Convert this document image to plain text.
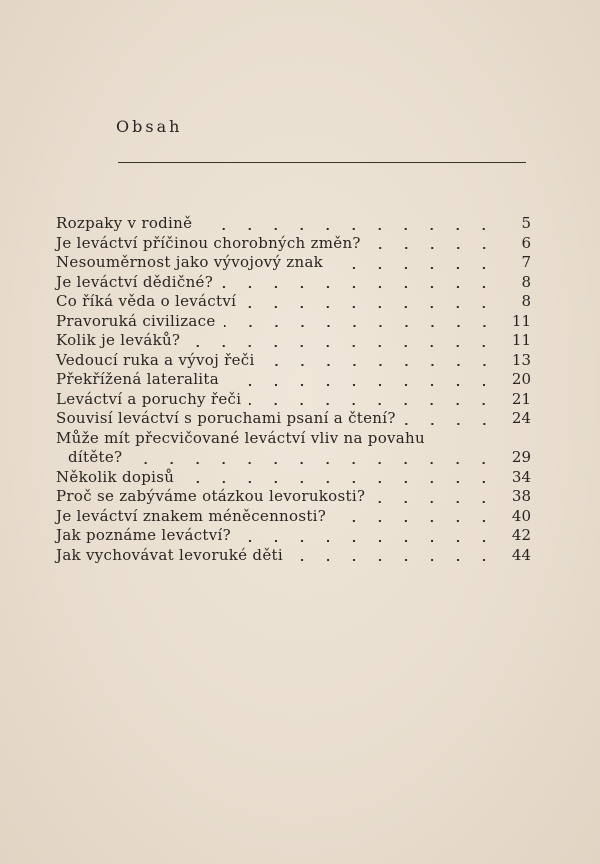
Obsah
Rozpaky v rodině	5
Je leváctví příčinou chorobných změn?	6
Nesouměrnost jako vývojový znak	7
Je leváctví dědičné?	8
Co říká věda o leváctví	8
Pravoruká civilizace	11
Kolik je leváků?	11
Vedoucí ruka a vývoj řeči	13
Překřížená lateralita	20
Leváctví a poruchy řeči	21
Souvisí leváctví s poruchami psaní a čtení?	24
Může mít přecvičované leváctví vliv na povahu
dítěte?	29
Několik dopisů	34
Proč se zabýváme otázkou levorukosti?	38
Je leváctví znakem méněcennosti?	40
Jak poznáme leváctví?	42
Jak vychovávat levoruké děti	44
